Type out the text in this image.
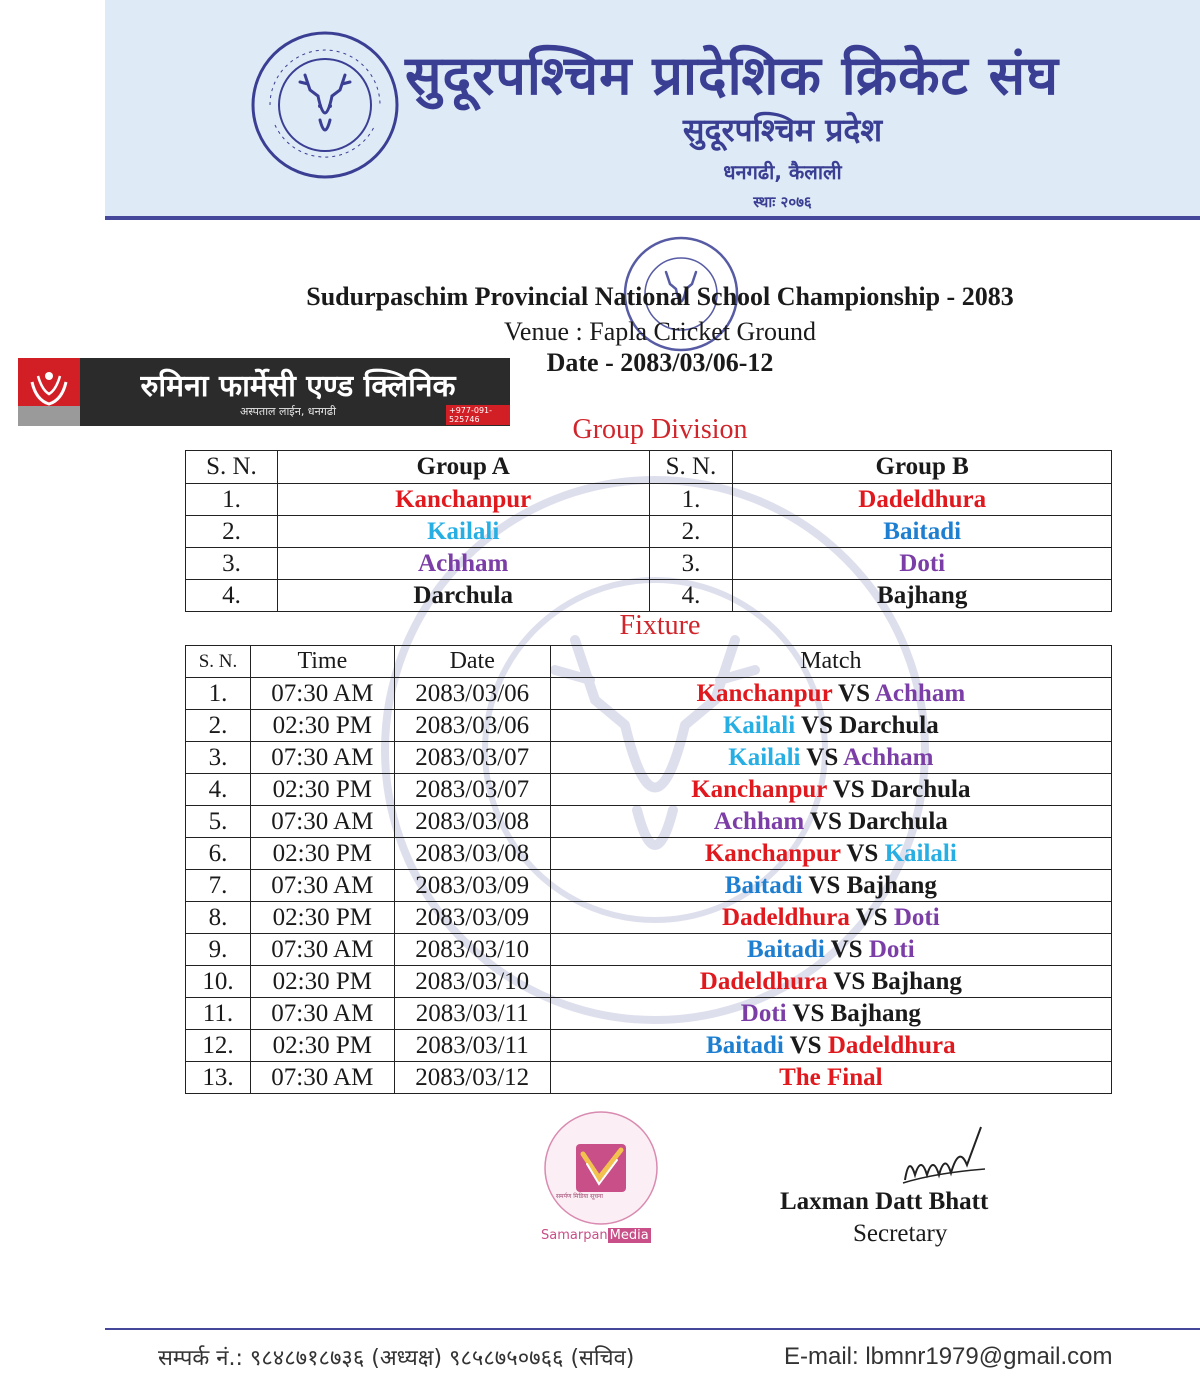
सुदूरपश्चिम प्रादेशिक क्रिकेट संघ
सुदूरपश्चिम प्रदेश
धनगढी, कैलाली
स्थाः २०७६
Sudurpaschim Provincial National School Championship - 2083
Venue : Fapla Cricket Ground
Date - 2083/03/06-12
रुमिना फार्मेसी एण्ड क्लिनिक
अस्पताल लाईन, धनगढी	+977-091-525746	Group Division
S. N.	Group A	S. N.	Group B
1.	Kanchanpur	1.	Dadeldhura
2.	Kailali	2.	Baitadi
3.	Achham	3.	Doti
4.	Darchula	4.	Bajhang
Fixture
S. N.	Time	Date	Match
1.	07:30 AM	2083/03/06	Kanchanpur VS Achham
2.	02:30 PM	2083/03/06	Kailali VS Darchula
3.	07:30 AM	2083/03/07	Kailali VS Achham
4.	02:30 PM	2083/03/07	Kanchanpur VS Darchula
5.	07:30 AM	2083/03/08	Achham VS Darchula
6.	02:30 PM	2083/03/08	Kanchanpur VS Kailali
7.	07:30 AM	2083/03/09	Baitadi VS Bajhang
8.	02:30 PM	2083/03/09	Dadeldhura VS Doti
9.	07:30 AM	2083/03/10	Baitadi VS Doti
10.	02:30 PM	2083/03/10	Dadeldhura VS Bajhang
11.	07:30 AM	2083/03/11	Doti VS Bajhang
12.	02:30 PM	2083/03/11	Baitadi VS Dadeldhura
13.	07:30 AM	2083/03/12	The Final
समर्पण मिडिया सूचना
Samarpan Media
Laxman Datt Bhatt
Secretary
सम्पर्क नं.: ९८४८७१८७३६ (अध्यक्ष) ९८५८७५०७६६ (सचिव)	E-mail: lbmnr1979@gmail.com
